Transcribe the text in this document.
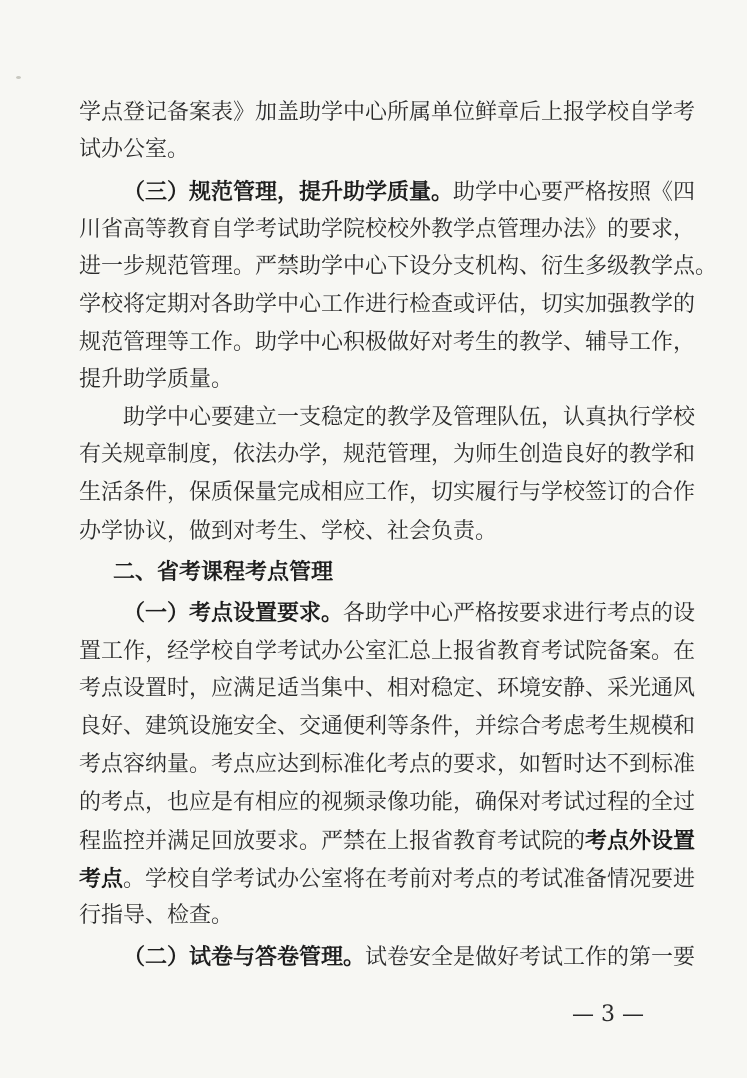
学点登记备案表》加盖助学中心所属单位鲜章后上报学校自学考
试办公室。
（三）规范管理，提升助学质量。助学中心要严格按照《四
川省高等教育自学考试助学院校校外教学点管理办法》的要求，
进一步规范管理。严禁助学中心下设分支机构、衍生多级教学点。
学校将定期对各助学中心工作进行检查或评估，切实加强教学的
规范管理等工作。助学中心积极做好对考生的教学、辅导工作，
提升助学质量。
助学中心要建立一支稳定的教学及管理队伍，认真执行学校
有关规章制度，依法办学，规范管理，为师生创造良好的教学和
生活条件，保质保量完成相应工作，切实履行与学校签订的合作
办学协议，做到对考生、学校、社会负责。
二、省考课程考点管理
（一）考点设置要求。各助学中心严格按要求进行考点的设
置工作，经学校自学考试办公室汇总上报省教育考试院备案。在
考点设置时，应满足适当集中、相对稳定、环境安静、采光通风
良好、建筑设施安全、交通便利等条件，并综合考虑考生规模和
考点容纳量。考点应达到标准化考点的要求，如暂时达不到标准
的考点，也应是有相应的视频录像功能，确保对考试过程的全过
程监控并满足回放要求。严禁在上报省教育考试院的考点外设置
考点。学校自学考试办公室将在考前对考点的考试准备情况要进
行指导、检查。
（二）试卷与答卷管理。试卷安全是做好考试工作的第一要
— 3 —
